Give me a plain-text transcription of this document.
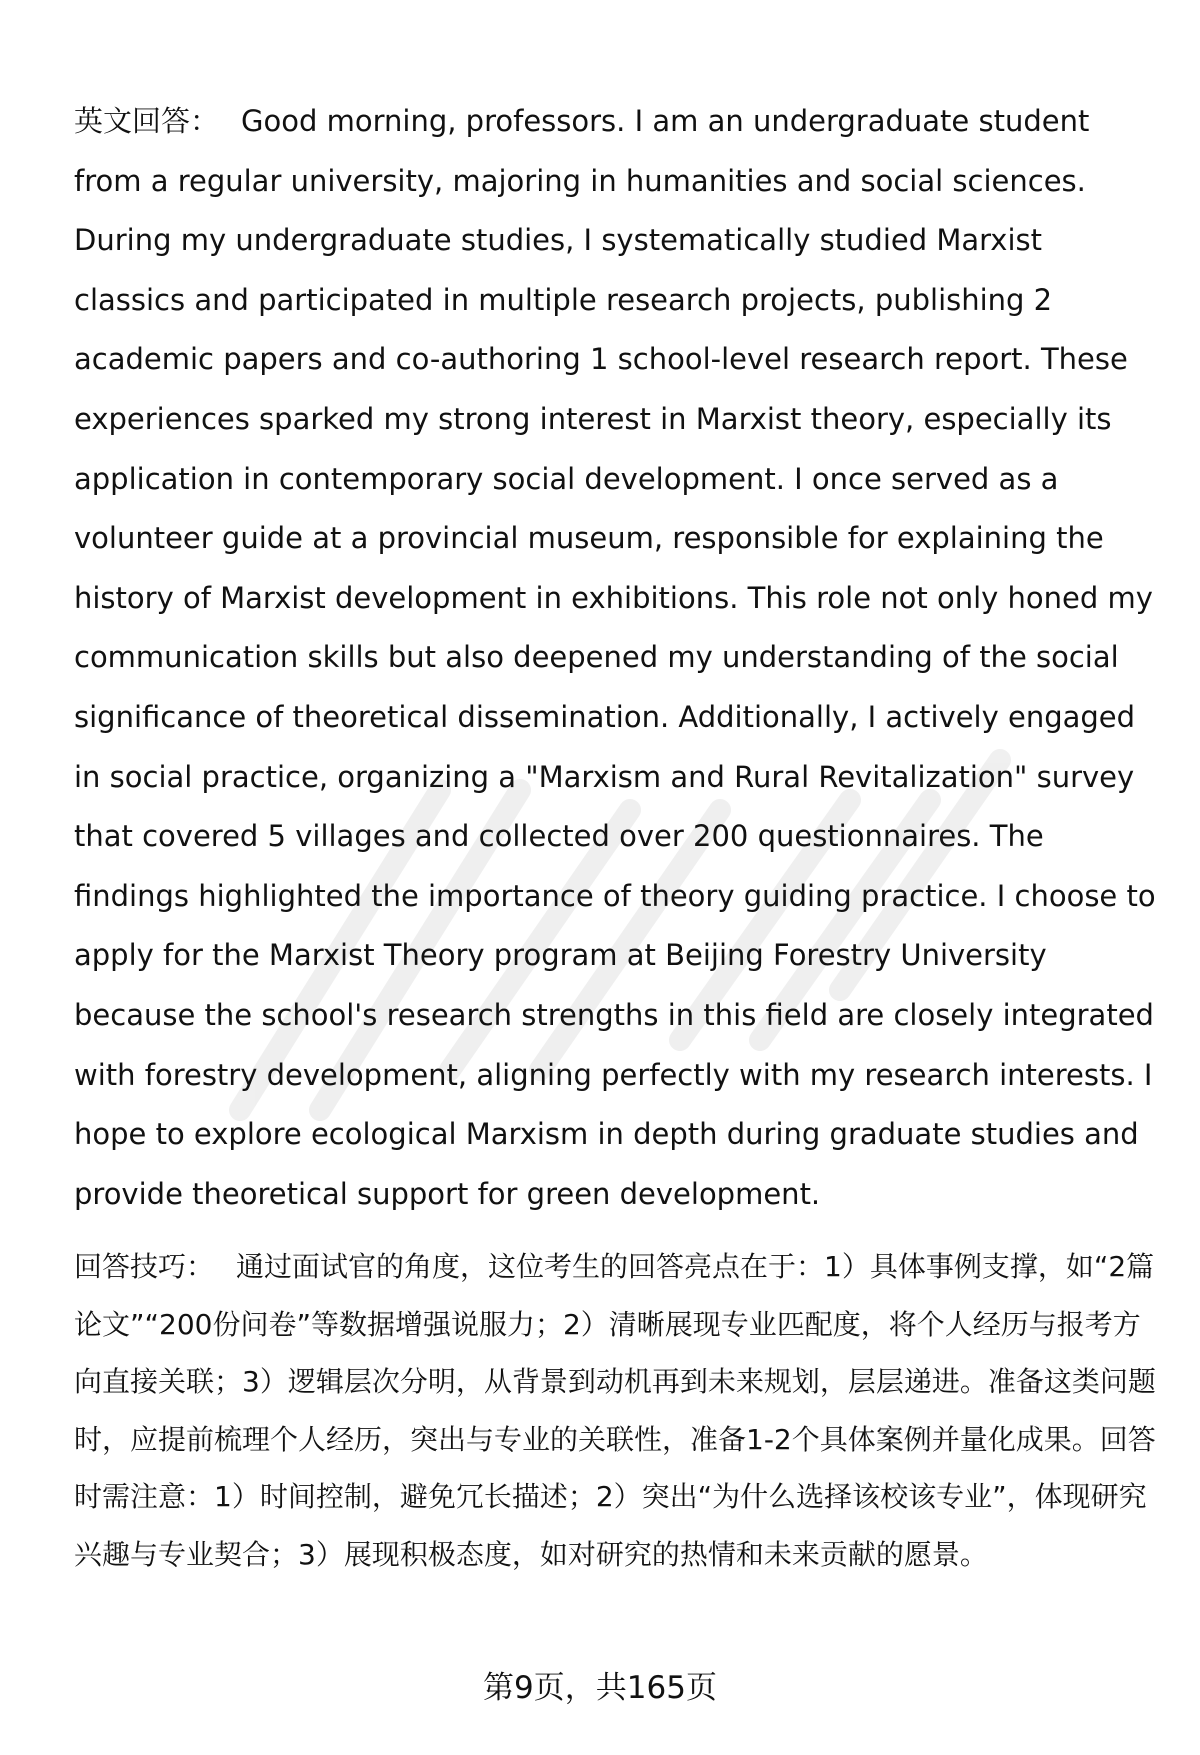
英文回答： Good morning, professors. I am an undergraduate student from a regular university, majoring in humanities and social sciences. During my undergraduate studies, I systematically studied Marxist classics and participated in multiple research projects, publishing 2 academic papers and co-authoring 1 school-level research report. These experiences sparked my strong interest in Marxist theory, especially its application in contemporary social development. I once served as a volunteer guide at a provincial museum, responsible for explaining the history of Marxist development in exhibitions. This role not only honed my communication skills but also deepened my understanding of the social significance of theoretical dissemination. Additionally, I actively engaged in social practice, organizing a "Marxism and Rural Revitalization" survey that covered 5 villages and collected over 200 questionnaires. The findings highlighted the importance of theory guiding practice. I choose to apply for the Marxist Theory program at Beijing Forestry University because the school's research strengths in this field are closely integrated with forestry development, aligning perfectly with my research interests. I hope to explore ecological Marxism in depth during graduate studies and provide theoretical support for green development.

回答技巧： 通过面试官的角度，这位考生的回答亮点在于：1）具体事例支撑，如“2篇论文”“200份问卷”等数据增强说服力；2）清晰展现专业匹配度，将个人经历与报考方向直接关联；3）逻辑层次分明，从背景到动机再到未来规划，层层递进。准备这类问题时，应提前梳理个人经历，突出与专业的关联性，准备1-2个具体案例并量化成果。回答时需注意：1）时间控制，避免冗长描述；2）突出“为什么选择该校该专业”，体现研究兴趣与专业契合；3）展现积极态度，如对研究的热情和未来贡献的愿景。
第9页，共165页
